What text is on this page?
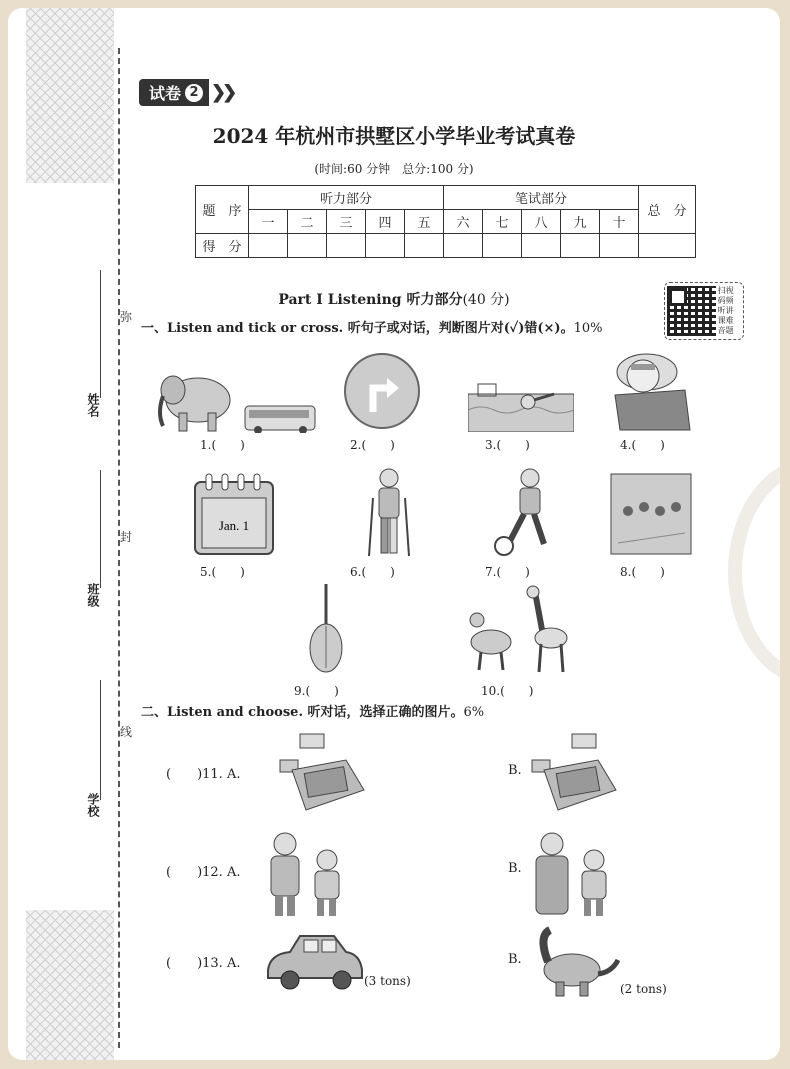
姓名
班级
学校
弥
封
线
试卷 2 ❯❯
2024 年杭州市拱墅区小学毕业考试真卷
(时间:60 分钟　总分:100 分)
题　序	听力部分					笔试部分					总　分
	一	二	三	四	五	六	七	八	九	十	
得　分											
Part Ⅰ Listening 听力部分(40 分)
扫视码频听讲课难音题
一、Listen and tick or cross. 听句子或对话，判断图片对(✓)错(×)。10%
1.(　　)	2.(　　)	3.(　　)	4.(　　)
Jan. 1
5.(　　)	6.(　　)	7.(　　)	8.(　　)
9.(　　)	10.(　　)
二、Listen and choose. 听对话，选择正确的图片。6%
(　　)11. A.	B.
(　　)12. A.	B.
(　　)13. A.
(3 tons)
B.
(2 tons)
